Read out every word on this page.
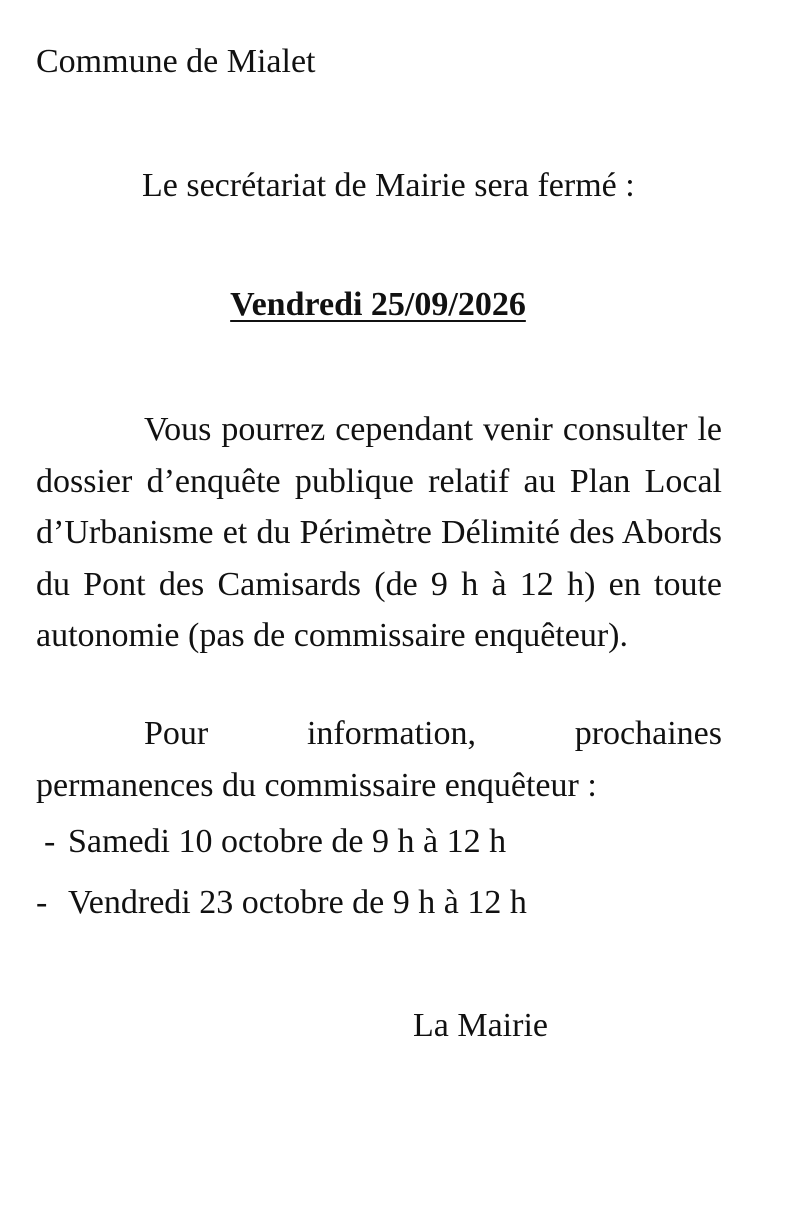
Commune de Mialet
Le secrétariat de Mairie sera fermé :
Vendredi 25/09/2026

Vous pourrez cependant venir consulter le dossier d’enquête publique relatif au Plan Local d’Urbanisme et du Périmètre Délimité des Abords du Pont des Camisards (de 9 h à 12 h) en toute autonomie (pas de commissaire enquêteur).

Pour information, prochaines permanences du commissaire enquêteur :

- Samedi 10 octobre de 9 h à 12 h
- Vendredi 23 octobre de 9 h à 12 h
La Mairie
